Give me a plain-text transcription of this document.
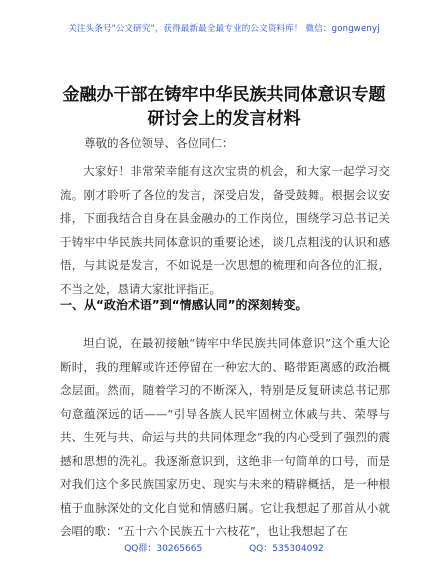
关注头条号"公文研究"，获得最新最全最专业的公文资料库！ 微信：gongwenyj
金融办干部在铸牢中华民族共同体意识专题研讨会上的发言材料
尊敬的各位领导、各位同仁：

大家好！非常荣幸能有这次宝贵的机会，和大家一起学习交流。刚才聆听了各位的发言，深受启发，备受鼓舞。根据会议安排，下面我结合自身在县金融办的工作岗位，围绕学习总书记关于铸牢中华民族共同体意识的重要论述，谈几点粗浅的认识和感悟，与其说是发言，不如说是一次思想的梳理和向各位的汇报，不当之处，恳请大家批评指正。

一、从“政治术语”到“情感认同”的深刻转变。

坦白说，在最初接触“铸牢中华民族共同体意识”这个重大论断时，我的理解或许还停留在一种宏大的、略带距离感的政治概念层面。然而，随着学习的不断深入，特别是反复研读总书记那句意蕴深远的话——“引导各族人民牢固树立休戚与共、荣辱与共、生死与共、命运与共的共同体理念”我的内心受到了强烈的震撼和思想的洗礼。我逐渐意识到，这绝非一句简单的口号，而是对我们这个多民族国家历史、现实与未来的精辟概括，是一种根植于血脉深处的文化自觉和情感归属。它让我想起了那首从小就会唱的歌：“五十六个民族五十六枝花”，也让我想起了在

QQ群：30265665	QQ：535304092
